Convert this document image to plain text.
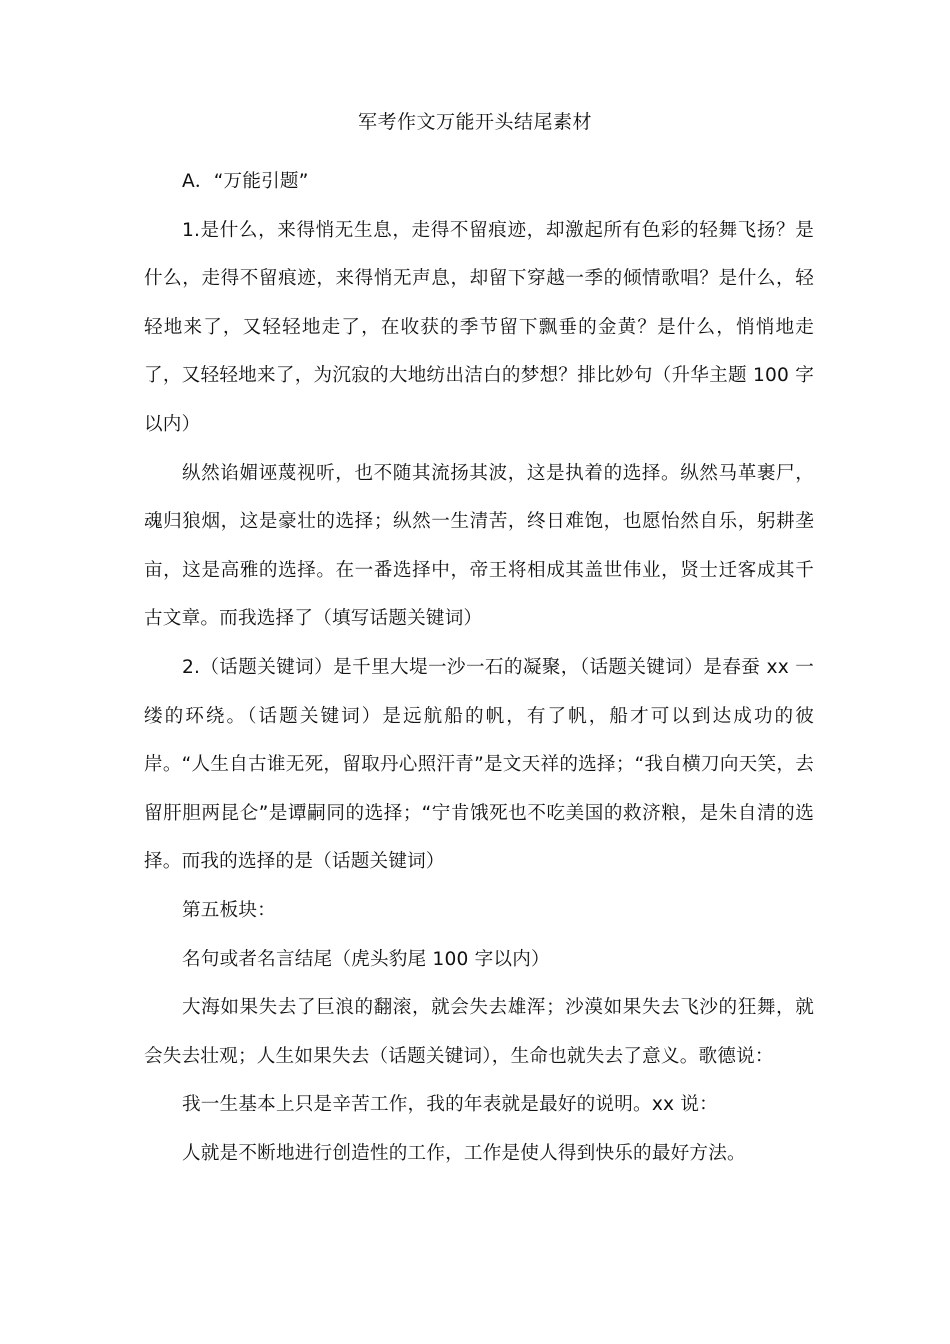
军考作文万能开头结尾素材

A．“万能引题”

1.是什么，来得悄无生息，走得不留痕迹，却激起所有色彩的轻舞飞扬？是什么，走得不留痕迹，来得悄无声息，却留下穿越一季的倾情歌唱？是什么，轻轻地来了，又轻轻地走了，在收获的季节留下飘垂的金黄？是什么，悄悄地走了，又轻轻地来了，为沉寂的大地纺出洁白的梦想？排比妙句（升华主题 100 字以内）

纵然谄媚诬蔑视听，也不随其流扬其波，这是执着的选择。纵然马革裹尸，魂归狼烟，这是豪壮的选择；纵然一生清苦，终日难饱，也愿怡然自乐，躬耕垄亩，这是高雅的选择。在一番选择中，帝王将相成其盖世伟业，贤士迁客成其千古文章。而我选择了（填写话题关键词）

2.（话题关键词）是千里大堤一沙一石的凝聚，（话题关键词）是春蚕 xx 一缕的环绕。（话题关键词）是远航船的帆，有了帆，船才可以到达成功的彼岸。“人生自古谁无死，留取丹心照汗青”是文天祥的选择；“我自横刀向天笑，去留肝胆两昆仑”是谭嗣同的选择；“宁肯饿死也不吃美国的救济粮，是朱自清的选择。而我的选择的是（话题关键词）

第五板块：

名句或者名言结尾（虎头豹尾 100 字以内）

大海如果失去了巨浪的翻滚，就会失去雄浑；沙漠如果失去飞沙的狂舞，就会失去壮观；人生如果失去（话题关键词），生命也就失去了意义。歌德说：

我一生基本上只是辛苦工作，我的年表就是最好的说明。xx 说：

人就是不断地进行创造性的工作，工作是使人得到快乐的最好方法。
